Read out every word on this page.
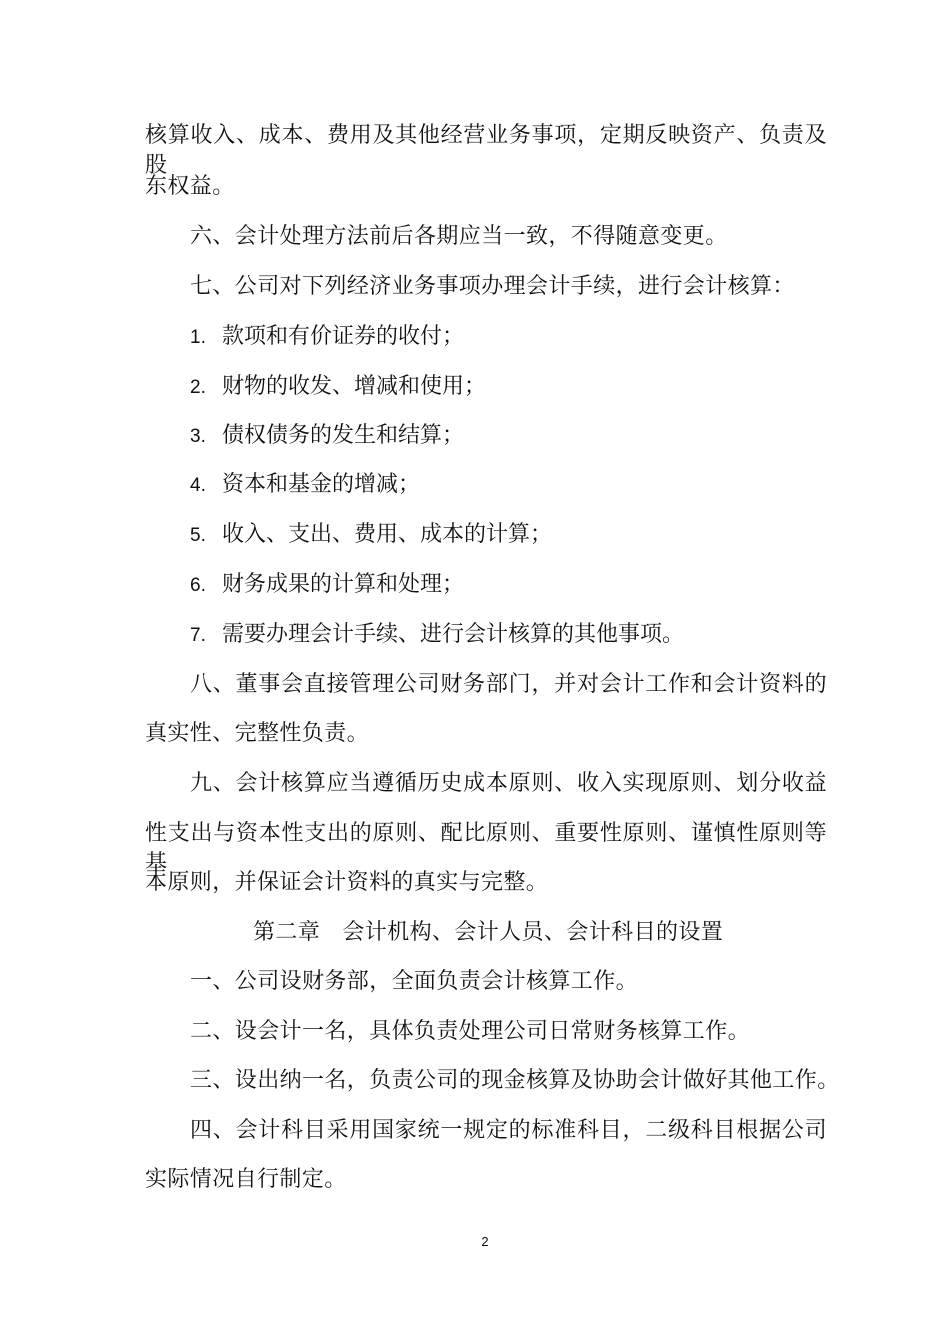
核算收入、成本、费用及其他经营业务事项，定期反映资产、负责及股
东权益。
六、会计处理方法前后各期应当一致，不得随意变更。
七、公司对下列经济业务事项办理会计手续，进行会计核算：
1. 款项和有价证券的收付；
2. 财物的收发、增减和使用；
3. 债权债务的发生和结算；
4. 资本和基金的增减；
5. 收入、支出、费用、成本的计算；
6. 财务成果的计算和处理；
7. 需要办理会计手续、进行会计核算的其他事项。
八、董事会直接管理公司财务部门，并对会计工作和会计资料的
真实性、完整性负责。
九、会计核算应当遵循历史成本原则、收入实现原则、划分收益
性支出与资本性支出的原则、配比原则、重要性原则、谨慎性原则等基
本原则，并保证会计资料的真实与完整。
第二章   会计机构、会计人员、会计科目的设置
一、公司设财务部，全面负责会计核算工作。
二、设会计一名，具体负责处理公司日常财务核算工作。
三、设出纳一名，负责公司的现金核算及协助会计做好其他工作。
四、会计科目采用国家统一规定的标准科目，二级科目根据公司
实际情况自行制定。
2
